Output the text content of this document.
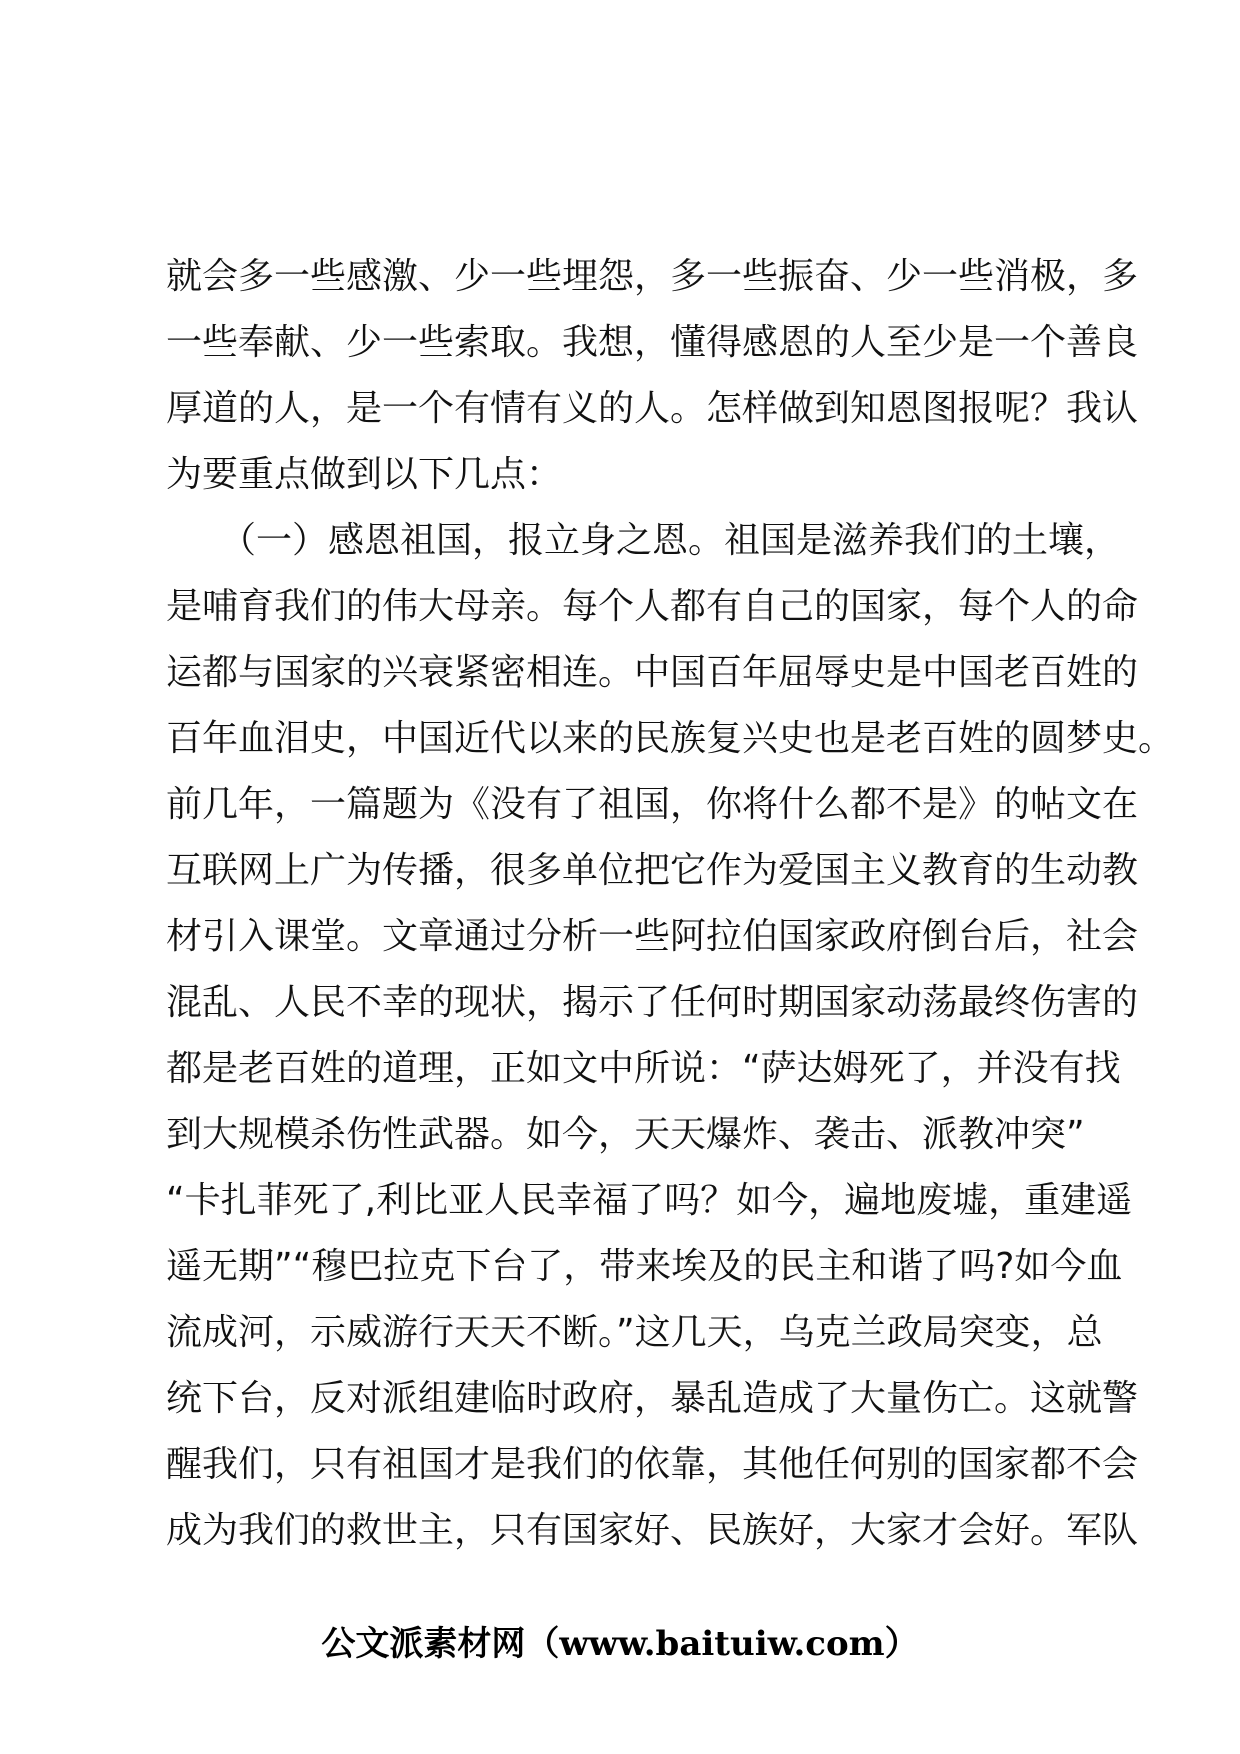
就会多一些感激、少一些埋怨，多一些振奋、少一些消极，多
一些奉献、少一些索取。我想，懂得感恩的人至少是一个善良
厚道的人，是一个有情有义的人。怎样做到知恩图报呢？我认
为要重点做到以下几点：
　　（一）感恩祖国，报立身之恩。祖国是滋养我们的土壤，
是哺育我们的伟大母亲。每个人都有自己的国家，每个人的命
运都与国家的兴衰紧密相连。中国百年屈辱史是中国老百姓的
百年血泪史，中国近代以来的民族复兴史也是老百姓的圆梦史。
前几年，一篇题为《没有了祖国，你将什么都不是》的帖文在
互联网上广为传播，很多单位把它作为爱国主义教育的生动教
材引入课堂。文章通过分析一些阿拉伯国家政府倒台后，社会
混乱、人民不幸的现状，揭示了任何时期国家动荡最终伤害的
都是老百姓的道理，正如文中所说：“萨达姆死了，并没有找
到大规模杀伤性武器。如今，天天爆炸、袭击、派教冲突”
“卡扎菲死了,利比亚人民幸福了吗？如今，遍地废墟，重建遥
遥无期”“穆巴拉克下台了，带来埃及的民主和谐了吗?如今血
流成河，示威游行天天不断。”这几天，乌克兰政局突变，总
统下台，反对派组建临时政府，暴乱造成了大量伤亡。这就警
醒我们，只有祖国才是我们的依靠，其他任何别的国家都不会
成为我们的救世主，只有国家好、民族好，大家才会好。军队
公文派素材网（www.baituiw.com）
